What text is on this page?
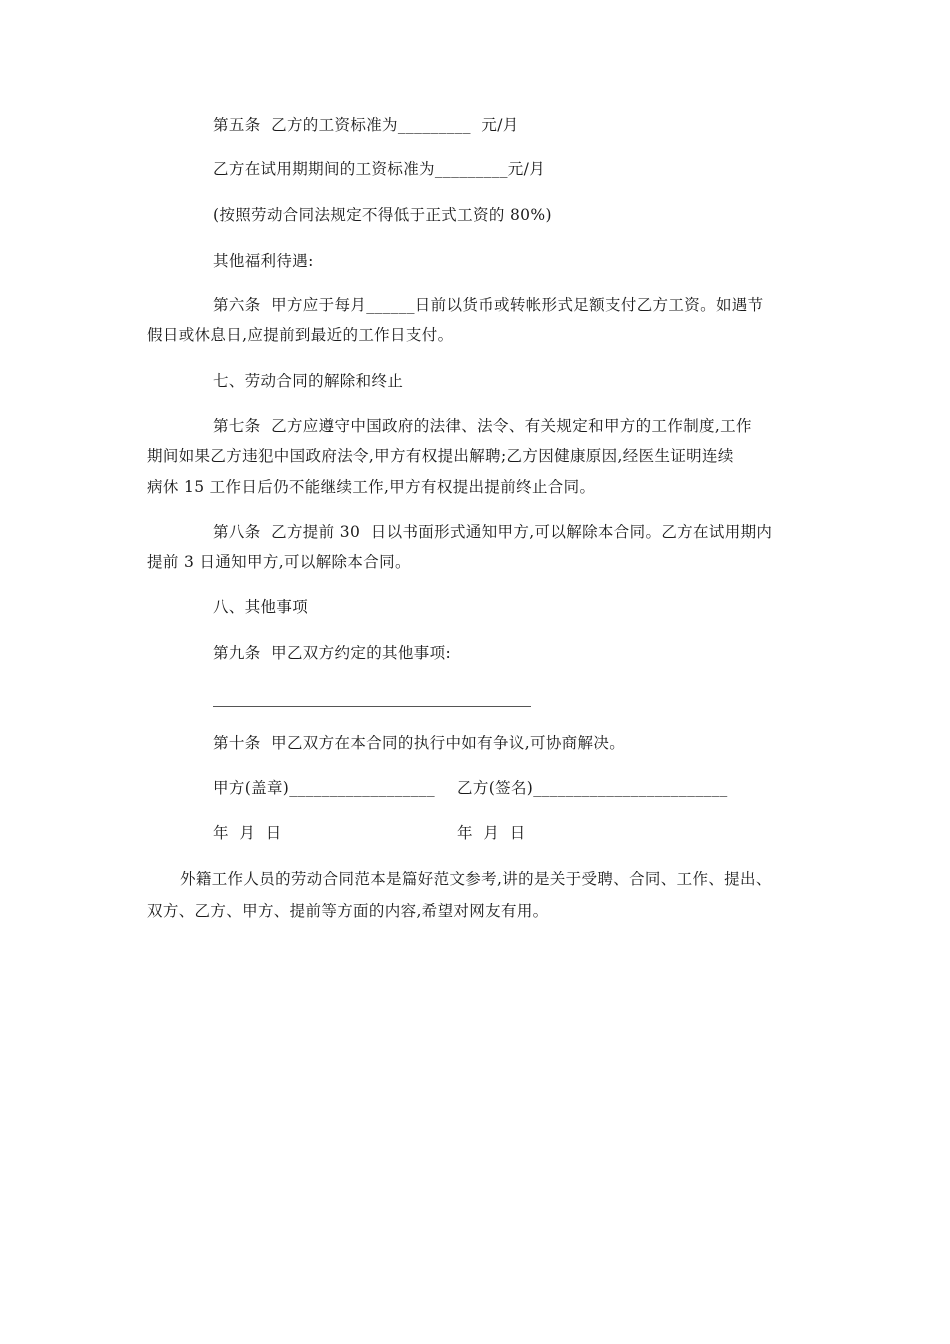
第五条  乙方的工资标准为_________  元/月
乙方在试用期期间的工资标准为_________元/月
(按照劳动合同法规定不得低于正式工资的 80%)
其他福利待遇:
第六条  甲方应于每月______日前以货币或转帐形式足额支付乙方工资。如遇节
假日或休息日,应提前到最近的工作日支付。
七、劳动合同的解除和终止
第七条  乙方应遵守中国政府的法律、法令、有关规定和甲方的工作制度,工作
期间如果乙方违犯中国政府法令,甲方有权提出解聘;乙方因健康原因,经医生证明连续
病休 15 工作日后仍不能继续工作,甲方有权提出提前终止合同。
第八条  乙方提前 30  日以书面形式通知甲方,可以解除本合同。乙方在试用期内
提前 3 日通知甲方,可以解除本合同。
八、其他事项
第九条  甲乙双方约定的其他事项:
第十条  甲乙双方在本合同的执行中如有争议,可协商解决。
甲方(盖章)__________________	乙方(签名)________________________
年  月  日	年  月  日
外籍工作人员的劳动合同范本是篇好范文参考,讲的是关于受聘、合同、工作、提出、
双方、乙方、甲方、提前等方面的内容,希望对网友有用。
